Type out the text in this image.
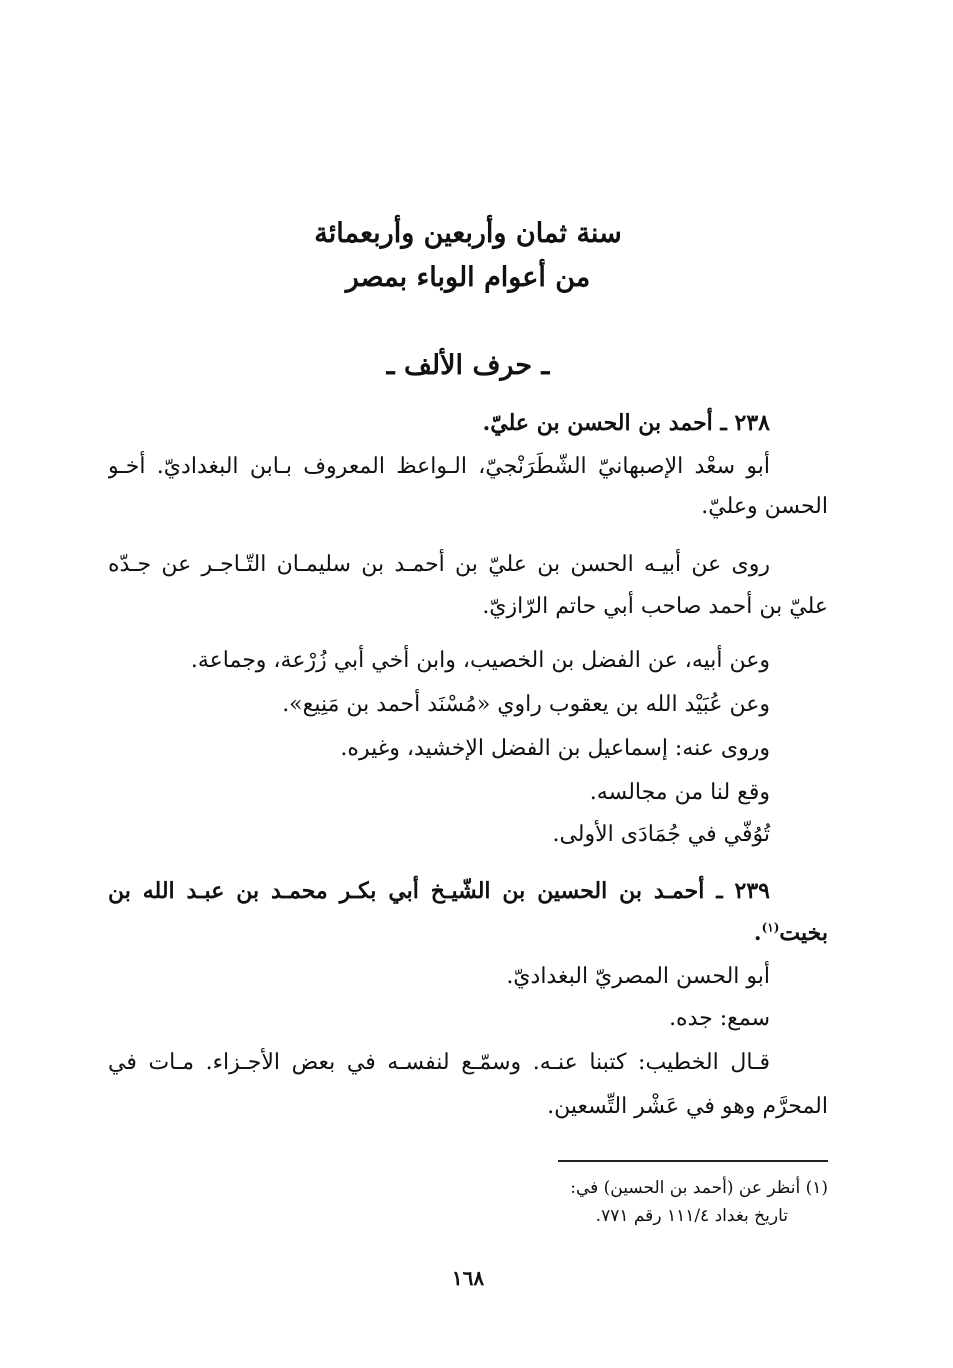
سنة ثمان وأربعين وأربعمائة
من أعوام الوباء بمصر
ـ حرف الألف ـ
٢٣٨ ـ أحمد بن الحسن بن عليّ.
أبو سعْد الإصبهانيّ الشّطَرَنْجيّ، الـواعظ المعروف بـابن البغداديّ. أخـو
الحسن وعليّ.
روى عن أبيـه الحسن بن عليّ بن أحمـد بن سليمـان التّـاجـر عن جـدّه
عليّ بن أحمد صاحب أبي حاتم الرّازيّ.
وعن أبيه، عن الفضل بن الخصيب، وابن أخي أبي زُرْعة، وجماعة.
وعن عُبَيْد الله بن يعقوب راوي «مُسْنَد أحمد بن مَنِيع».
وروى عنه: إسماعيل بن الفضل الإخشيد، وغيره.
وقع لنا من مجالسه.
تُوُفّي في جُمَادَى الأولى.
٢٣٩ ـ أحمـد بن الحسين بن الشّيـخ أبي بكـر محمـد بن عبـد الله بن
بخيت$^{(١)}$.
أبو الحسن المصريّ البغداديّ.
سمع: جده.
قـال الخطيب: كتبنا عنـه. وسمّـع لنفسـه في بعض الأجـزاء. مـات في
المحرَّم وهو في عَشْر التِّسعين.
(١) أنظر عن (أحمد بن الحسين) في:
تاريخ بغداد ١١١/٤ رقم ٧٧١.
١٦٨
